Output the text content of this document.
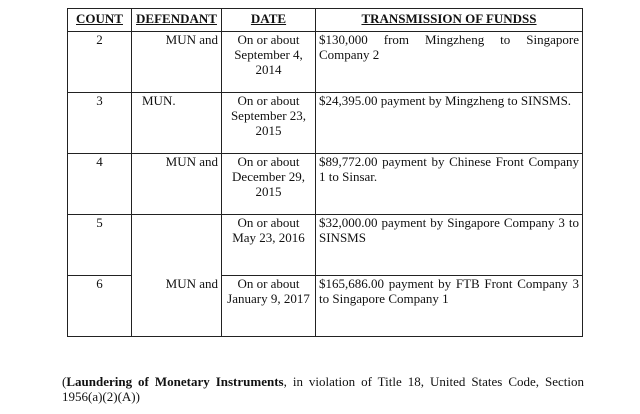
COUNT	DEFENDANT	DATE	TRANSMISSION OF FUNDSS
2	MUN and	On or about September 4, 2014	$130,000 from Mingzheng to Singapore Company 2
3	MUN.	On or about September 23, 2015	$24,395.00 payment by Mingzheng to SINSMS.
4	MUN and	On or about December 29, 2015	$89,772.00 payment by Chinese Front Company 1 to Sinsar.
5		On or about May 23, 2016	$32,000.00 payment by Singapore Company 3 to SINSMS
6	MUN and	On or about January 9, 2017	$165,686.00 payment by FTB Front Company 3 to Singapore Company 1
(Laundering of Monetary Instruments, in violation of Title 18, United States Code, Section 1956(a)(2)(A))
